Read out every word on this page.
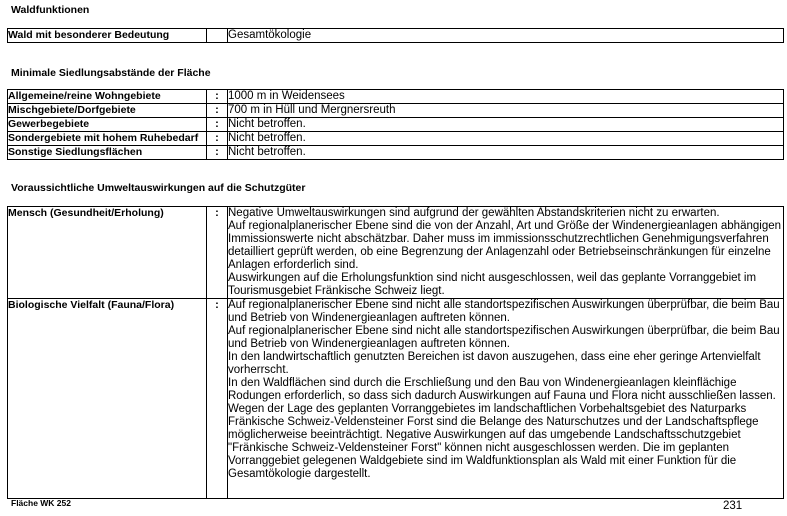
Waldfunktionen
Wald mit besonderer Bedeutung		Gesamtökologie
Minimale Siedlungsabstände der Fläche
Allgemeine/reine Wohngebiete	:	1000 m in Weidensees
Mischgebiete/Dorfgebiete	:	700 m in Hüll und Mergnersreuth
Gewerbegebiete	:	Nicht betroffen.
Sondergebiete mit hohem Ruhebedarf	:	Nicht betroffen.
Sonstige Siedlungsflächen	:	Nicht betroffen.
Voraussichtliche Umweltauswirkungen auf die Schutzgüter
Mensch (Gesundheit/Erholung)	:	Negative Umweltauswirkungen sind aufgrund der gewählten Abstandskriterien nicht zu erwarten.

Auf regionalplanerischer Ebene sind die von der Anzahl, Art und Größe der Windenergieanlagen abhängigen Immissionswerte nicht abschätzbar. Daher muss im immissionsschutzrechtlichen Genehmigungsverfahren detailliert geprüft werden, ob eine Begrenzung der Anlagenzahl oder Betriebseinschränkungen für einzelne Anlagen erforderlich sind.

Auswirkungen auf die Erholungsfunktion sind nicht ausgeschlossen, weil das geplante Vorranggebiet im Tourismusgebiet Fränkische Schweiz liegt.

Biologische Vielfalt (Fauna/Flora)	:	Auf regionalplanerischer Ebene sind nicht alle standortspezifischen Auswirkungen überprüfbar, die beim Bau und Betrieb von Windenergieanlagen auftreten können.

Auf regionalplanerischer Ebene sind nicht alle standortspezifischen Auswirkungen überprüfbar, die beim Bau und Betrieb von Windenergieanlagen auftreten können.

In den landwirtschaftlich genutzten Bereichen ist davon auszugehen, dass eine eher geringe Artenvielfalt vorherrscht.

In den Waldflächen sind durch die Erschließung und den Bau von Windenergieanlagen kleinflächige Rodungen erforderlich, so dass sich dadurch Auswirkungen auf Fauna und Flora nicht ausschließen lassen.

Wegen der Lage des geplanten Vorranggebietes im landschaftlichen Vorbehaltsgebiet des Naturparks Fränkische Schweiz-Veldensteiner Forst sind die Belange des Naturschutzes und der Landschaftspflege möglicherweise beeinträchtigt. Negative Auswirkungen auf das umgebende Landschaftsschutzgebiet "Fränkische Schweiz-Veldensteiner Forst" können nicht ausgeschlossen werden. Die im geplanten Vorranggebiet gelegenen Waldgebiete sind im Waldfunktionsplan als Wald mit einer Funktion für die Gesamtökologie dargestellt.

Fläche WK 252	231
